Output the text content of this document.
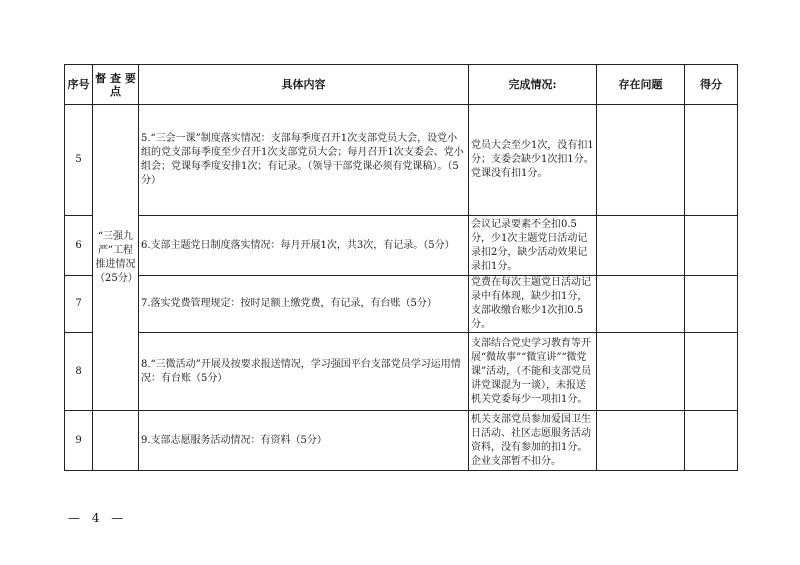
序号	督 查 要 点	具体内容	完成情况:	存在问题	得分
5	“三强九严”工程推进情况（25分）	5.“三会一课”制度落实情况：支部每季度召开1次支部党员大会，设党小组的党支部每季度至少召开1次支部党员大会；每月召开1次支委会、党小组会；党课每季度安排1次；有记录。（领导干部党课必须有党课稿）。（5分）	党员大会至少1次，没有扣1分；支委会缺少1次扣1分。党课没有扣1分。		
6		6.支部主题党日制度落实情况：每月开展1次，共3次，有记录。（5分）	会议记录要素不全扣0.5分，少1次主题党日活动记录扣2分，缺少活动效果记录扣1分。		
7		7.落实党费管理规定：按时足额上缴党费，有记录，有台账（5分）	党费在每次主题党日活动记录中有体现，缺少扣1分，支部收缴台账少1次扣0.5分。		
8		8.“三微活动”开展及按要求报送情况，学习强国平台支部党员学习运用情况：有台账（5分）	支部结合党史学习教育等开展“微故事”“微宣讲”“微党课”活动，（不能和支部党员讲党课混为一谈），未报送机关党委每少一项扣1分。		
9		9.支部志愿服务活动情况：有资料（5分）	机关支部党员参加爱国卫生日活动、社区志愿服务活动资料，没有参加的扣1分。企业支部暂不扣分。		
— 4 —
